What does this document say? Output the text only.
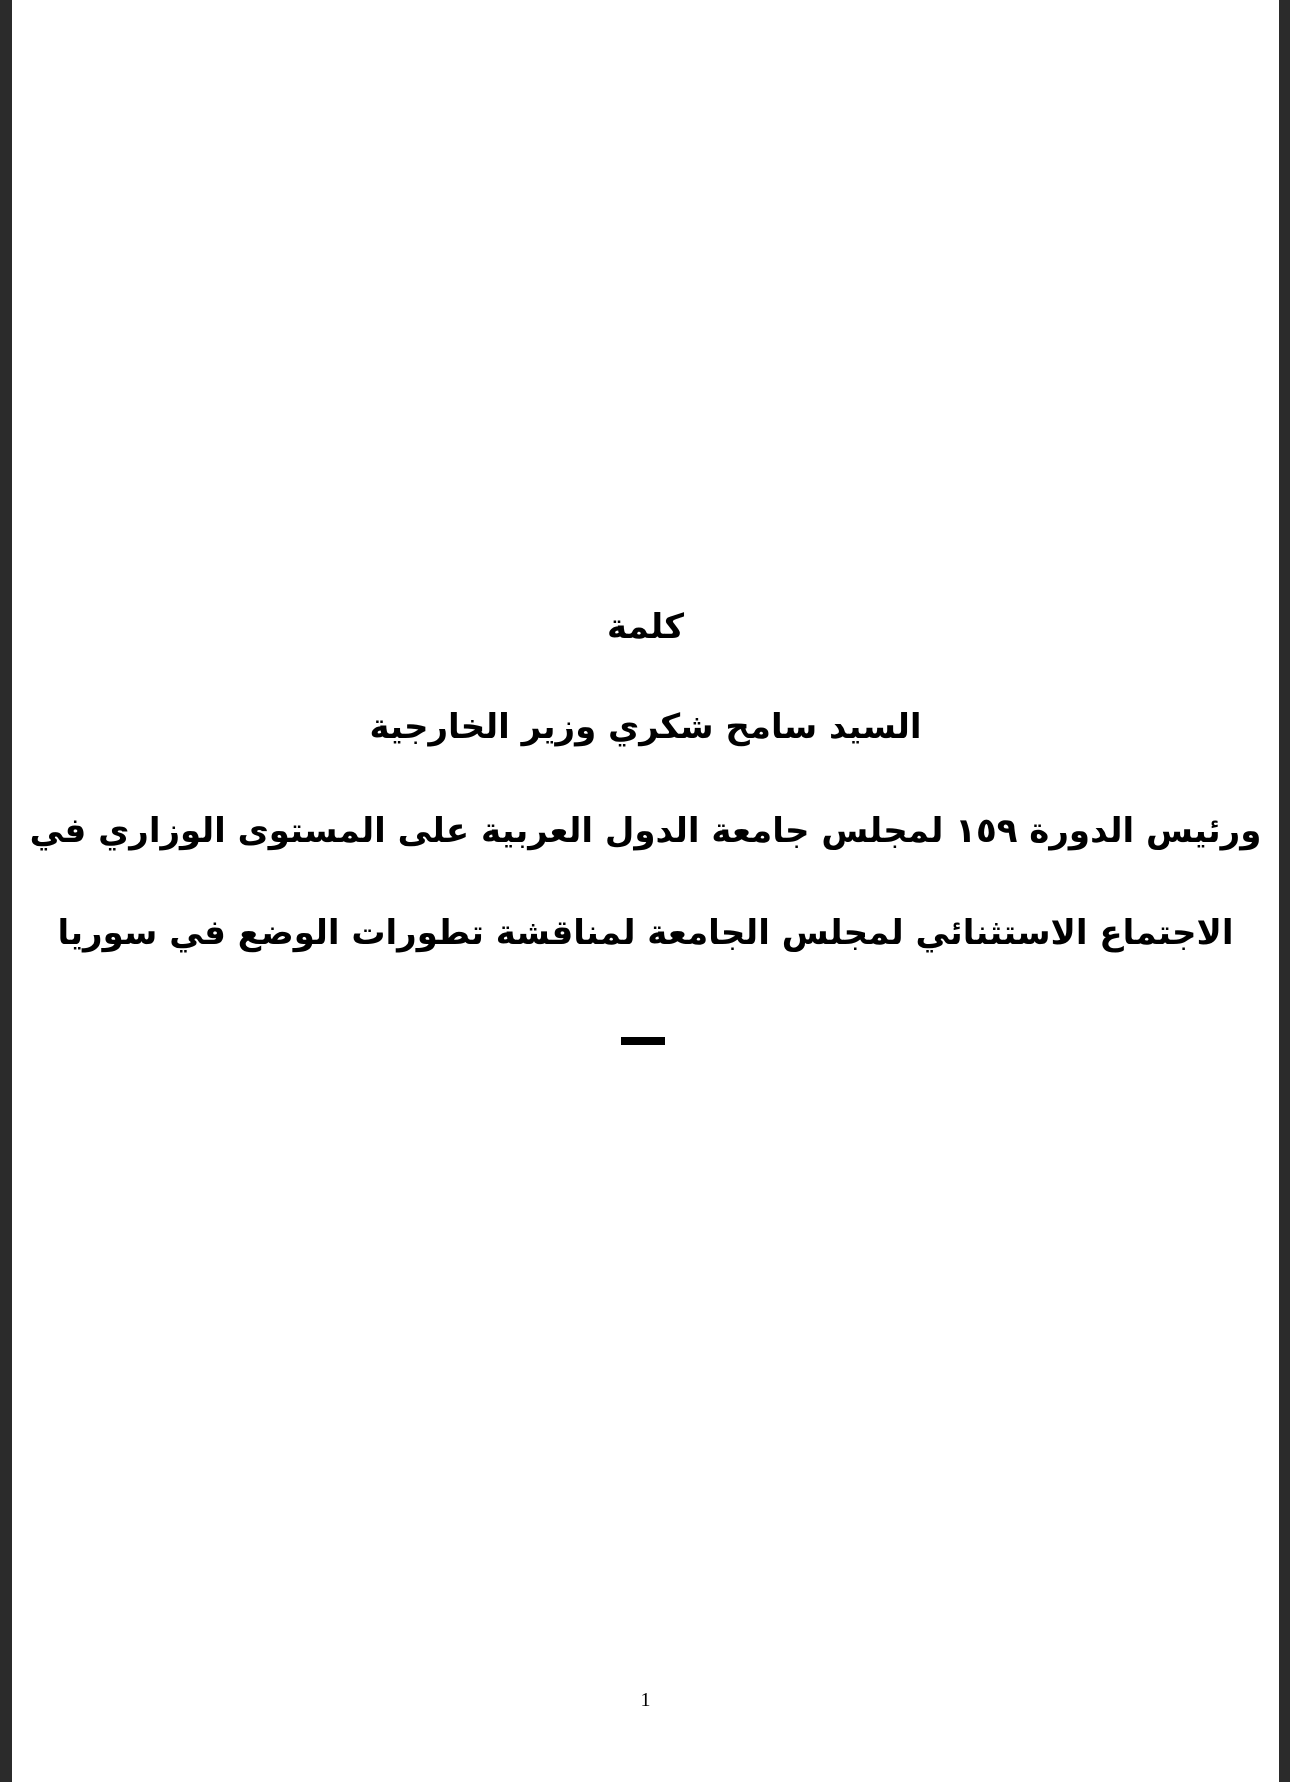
كلمة
السيد سامح شكري وزير الخارجية
ورئيس الدورة ١٥٩ لمجلس جامعة الدول العربية على المستوى الوزاري في
الاجتماع الاستثنائي لمجلس الجامعة لمناقشة تطورات الوضع في سوريا
1
